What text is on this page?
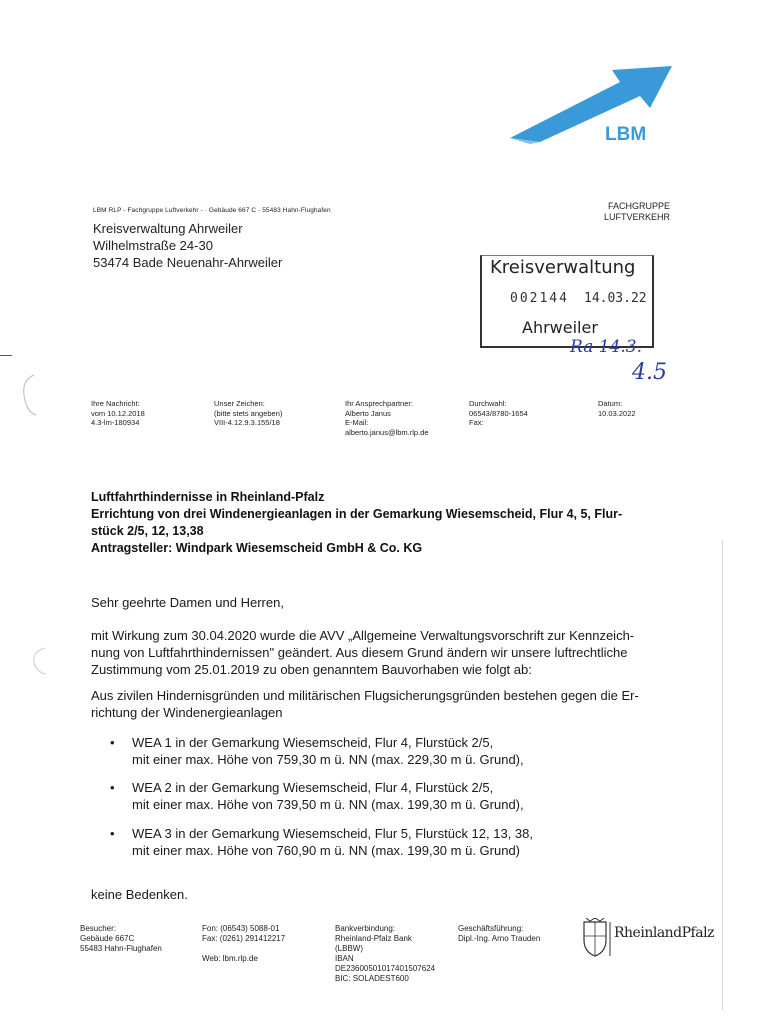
LBM
LBM RLP - Fachgruppe Luftverkehr - · Gebäude 667 C · 55483 Hahn-Flughafen	FACHGRUPPE
LUFTVERKEHR
Kreisverwaltung Ahrweiler
Wilhelmstraße 24-30
53474 Bade Neuenahr-Ahrweiler	Kreisverwaltung
002144 14.03.22
Ahrweiler
Ra 14.3.
4.5
Ihre Nachricht:
vom 10.12.2018
4.3-lm-180934
Unser Zeichen:
(bitte stets angeben)
VIII-4.12.9.3.155/18
Ihr Ansprechpartner:
Alberto Janus
E-Mail:
alberto.janus@lbm.rlp.de
Durchwahl:
06543/8780-1654
Fax:
Datum:
10.03.2022
Luftfahrthindernisse in Rheinland-Pfalz
Errichtung von drei Windenergieanlagen in der Gemarkung Wiesemscheid, Flur 4, 5, Flur-
stück 2/5, 12, 13,38
Antragsteller: Windpark Wiesemscheid GmbH & Co. KG
Sehr geehrte Damen und Herren,
mit Wirkung zum 30.04.2020 wurde die AVV „Allgemeine Verwaltungsvorschrift zur Kennzeich-
nung von Luftfahrthindernissen" geändert. Aus diesem Grund ändern wir unsere luftrechtliche
Zustimmung vom 25.01.2019 zu oben genanntem Bauvorhaben wie folgt ab:
Aus zivilen Hindernisgründen und militärischen Flugsicherungsgründen bestehen gegen die Er-
richtung der Windenergieanlagen
• WEA 1 in der Gemarkung Wiesemscheid, Flur 4, Flurstück 2/5,
mit einer max. Höhe von 759,30 m ü. NN (max. 229,30 m ü. Grund),
• WEA 2 in der Gemarkung Wiesemscheid, Flur 4, Flurstück 2/5,
mit einer max. Höhe von 739,50 m ü. NN (max. 199,30 m ü. Grund),
• WEA 3 in der Gemarkung Wiesemscheid, Flur 5, Flurstück 12, 13, 38,
mit einer max. Höhe von 760,90 m ü. NN (max. 199,30 m ü. Grund)
keine Bedenken.
Besucher:
Gebäude 667C
55483 Hahn-Flughafen
Fon: (06543) 5088-01
Fax: (0261) 291412217
Web: lbm.rlp.de
Bankverbindung:
Rheinland-Pfalz Bank
(LBBW)
IBAN
DE23600501017401507624
BIC: SOLADEST600
Geschäftsführung:
Dipl.-Ing. Arno Trauden	RheinlandPfalz
